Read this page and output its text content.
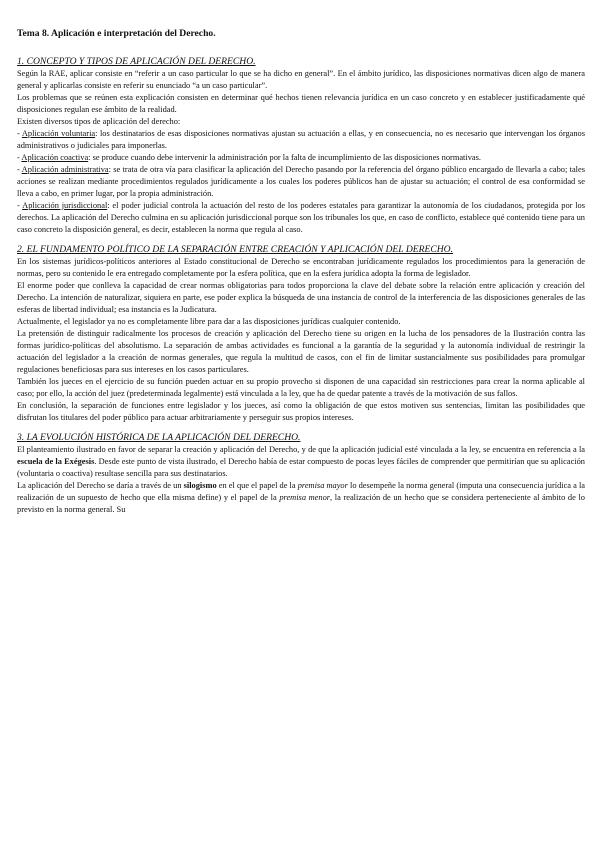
Tema 8. Aplicación e interpretación del Derecho.
1. CONCEPTO Y TIPOS DE APLICACIÓN DEL DERECHO.

Según la RAE, aplicar consiste en “referir a un caso particular lo que se ha dicho en general”. En el ámbito jurídico, las disposiciones normativas dicen algo de manera general y aplicarlas consiste en referir su enunciado “a un caso particular”.

Los problemas que se reúnen esta explicación consisten en determinar qué hechos tienen relevancia jurídica en un caso concreto y en establecer justificadamente qué disposiciones regulan ese ámbito de la realidad.

Existen diversos tipos de aplicación del derecho:

- Aplicación voluntaria: los destinatarios de esas disposiciones normativas ajustan su actuación a ellas, y en consecuencia, no es necesario que intervengan los órganos administrativos o judiciales para imponerlas.

- Aplicación coactiva: se produce cuando debe intervenir la administración por la falta de incumplimiento de las disposiciones normativas.

- Aplicación administrativa: se trata de otra vía para clasificar la aplicación del Derecho pasando por la referencia del órgano público encargado de llevarla a cabo; tales acciones se realizan mediante procedimientos regulados jurídicamente a los cuales los poderes públicos han de ajustar su actuación; el control de esa conformidad se lleva a cabo, en primer lugar, por la propia administración.

- Aplicación jurisdiccional: el poder judicial controla la actuación del resto de los poderes estatales para garantizar la autonomía de los ciudadanos, protegida por los derechos. La aplicación del Derecho culmina en su aplicación jurisdiccional porque son los tribunales los que, en caso de conflicto, establece qué contenido tiene para un caso concreto la disposición general, es decir, establecen la norma que regula al caso.

2. EL FUNDAMENTO POLÍTICO DE LA SEPARACIÓN ENTRE CREACIÓN Y APLICACIÓN DEL DERECHO.

En los sistemas jurídicos-políticos anteriores al Estado constitucional de Derecho se encontraban jurídicamente regulados los procedimientos para la generación de normas, pero su contenido le era entregado completamente por la esfera política, que en la esfera jurídica adopta la forma de legislador.

El enorme poder que conlleva la capacidad de crear normas obligatorias para todos proporciona la clave del debate sobre la relación entre aplicación y creación del Derecho. La intención de naturalizar, siquiera en parte, ese poder explica la búsqueda de una instancia de control de la interferencia de las disposiciones generales de las esferas de libertad individual; esa instancia es la Judicatura.

Actualmente, el legislador ya no es completamente libre para dar a las disposiciones jurídicas cualquier contenido.

La pretensión de distinguir radicalmente los procesos de creación y aplicación del Derecho tiene su origen en la lucha de los pensadores de la Ilustración contra las formas jurídico-políticas del absolutismo. La separación de ambas actividades es funcional a la garantía de la seguridad y la autonomía individual de restringir la actuación del legislador a la creación de normas generales, que regula la multitud de casos, con el fin de limitar sustancialmente sus posibilidades para promulgar regulaciones beneficiosas para sus intereses en los casos particulares.

También los jueces en el ejercicio de su función pueden actuar en su propio provecho si disponen de una capacidad sin restricciones para crear la norma aplicable al caso; por ello, la acción del juez (predeterminada legalmente) está vinculada a la ley, que ha de quedar patente a través de la motivación de sus fallos.

En conclusión, la separación de funciones entre legislador y los jueces, así como la obligación de que estos motiven sus sentencias, limitan las posibilidades que disfrutan los titulares del poder público para actuar arbitrariamente y perseguir sus propios intereses.

3. LA EVOLUCIÓN HISTÓRICA DE LA APLICACIÓN DEL DERECHO.

El planteamiento ilustrado en favor de separar la creación y aplicación del Derecho, y de que la aplicación judicial esté vinculada a la ley, se encuentra en referencia a la escuela de la Exégesis. Desde este punto de vista ilustrado, el Derecho había de estar compuesto de pocas leyes fáciles de comprender que permitirían que su aplicación (voluntaria o coactiva) resultase sencilla para sus destinatarios.

La aplicación del Derecho se daría a través de un silogismo en el que el papel de la premisa mayor lo desempeñe la norma general (imputa una consecuencia jurídica a la realización de un supuesto de hecho que ella misma define) y el papel de la premisa menor, la realización de un hecho que se considera perteneciente al ámbito de lo previsto en la norma general. Su
